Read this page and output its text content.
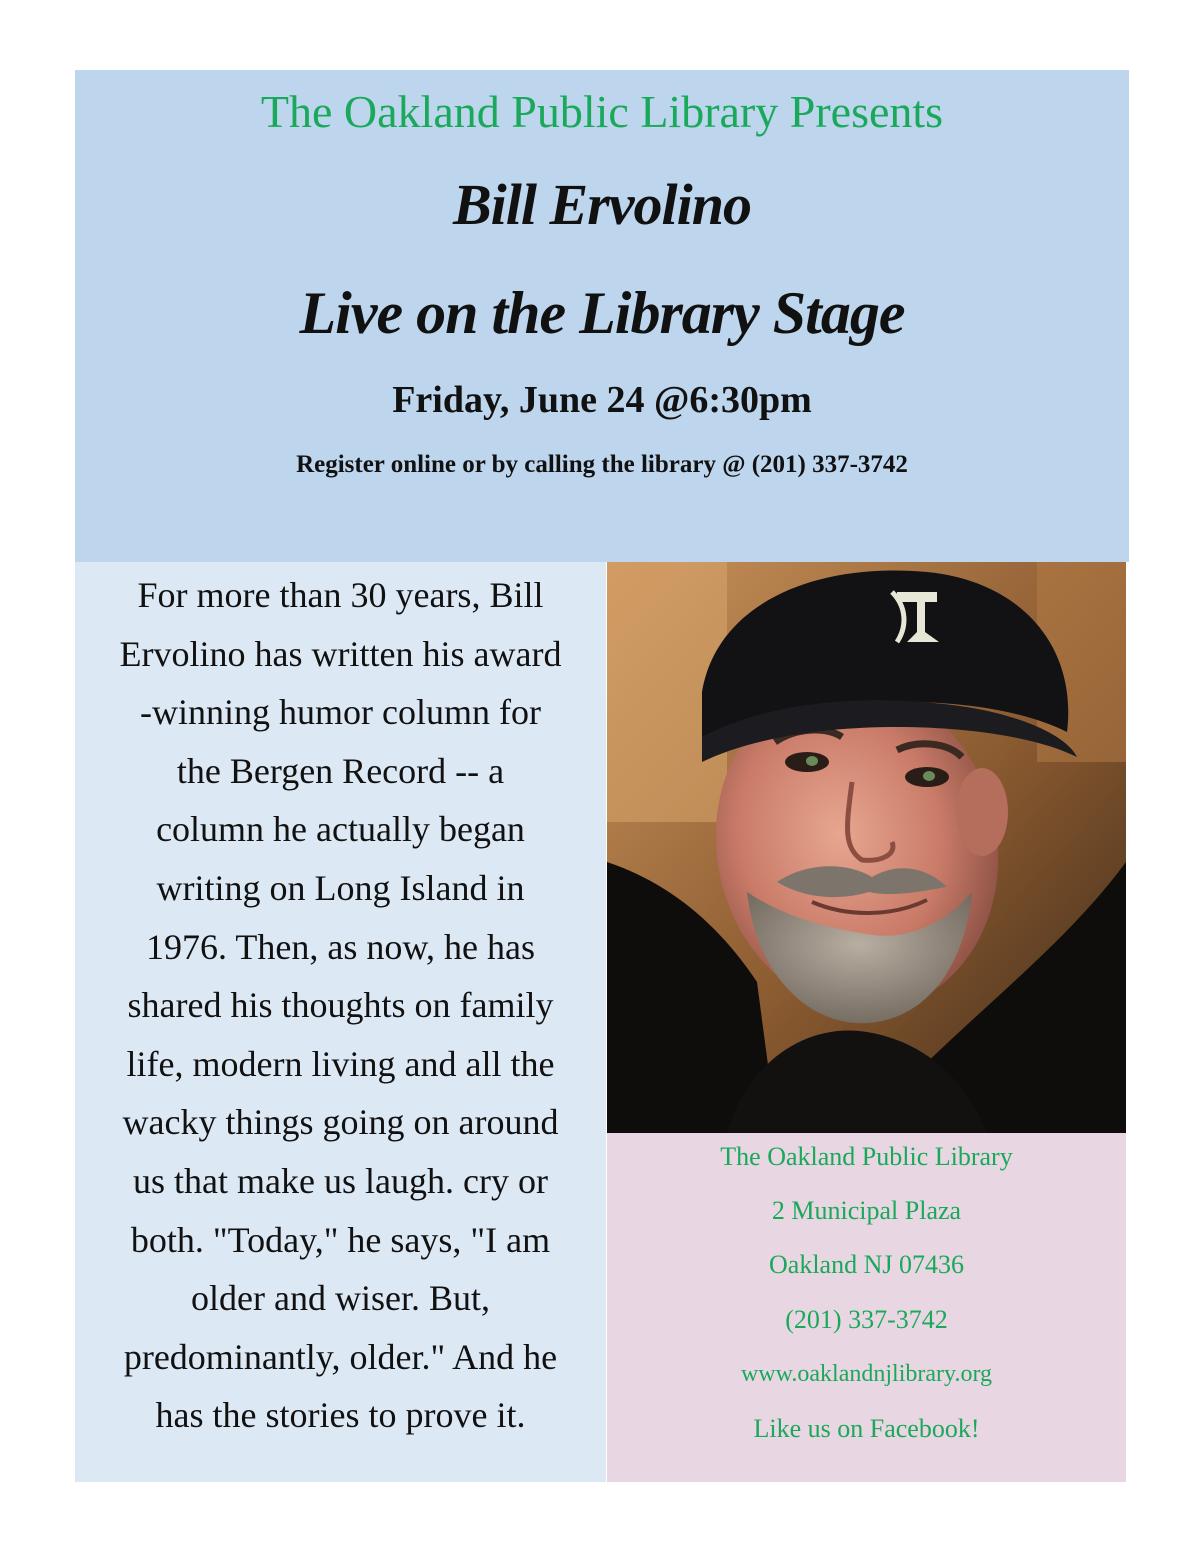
The Oakland Public Library Presents
Bill Ervolino
Live on the Library Stage
Friday, June 24 @6:30pm
Register online or by calling the library @ (201) 337-3742

For more than 30 years, Bill
Ervolino has written his award
-winning humor column for
the Bergen Record -- a
column he actually began
writing on Long Island in
1976. Then, as now, he has
shared his thoughts on family
life, modern living and all the
wacky things going on around
us that make us laugh. cry or
both. "Today," he says, "I am
older and wiser. But,
predominantly, older." And he
has the stories to prove it.

The Oakland Public Library
2 Municipal Plaza
Oakland NJ 07436
(201) 337-3742
www.oaklandnjlibrary.org
Like us on Facebook!
